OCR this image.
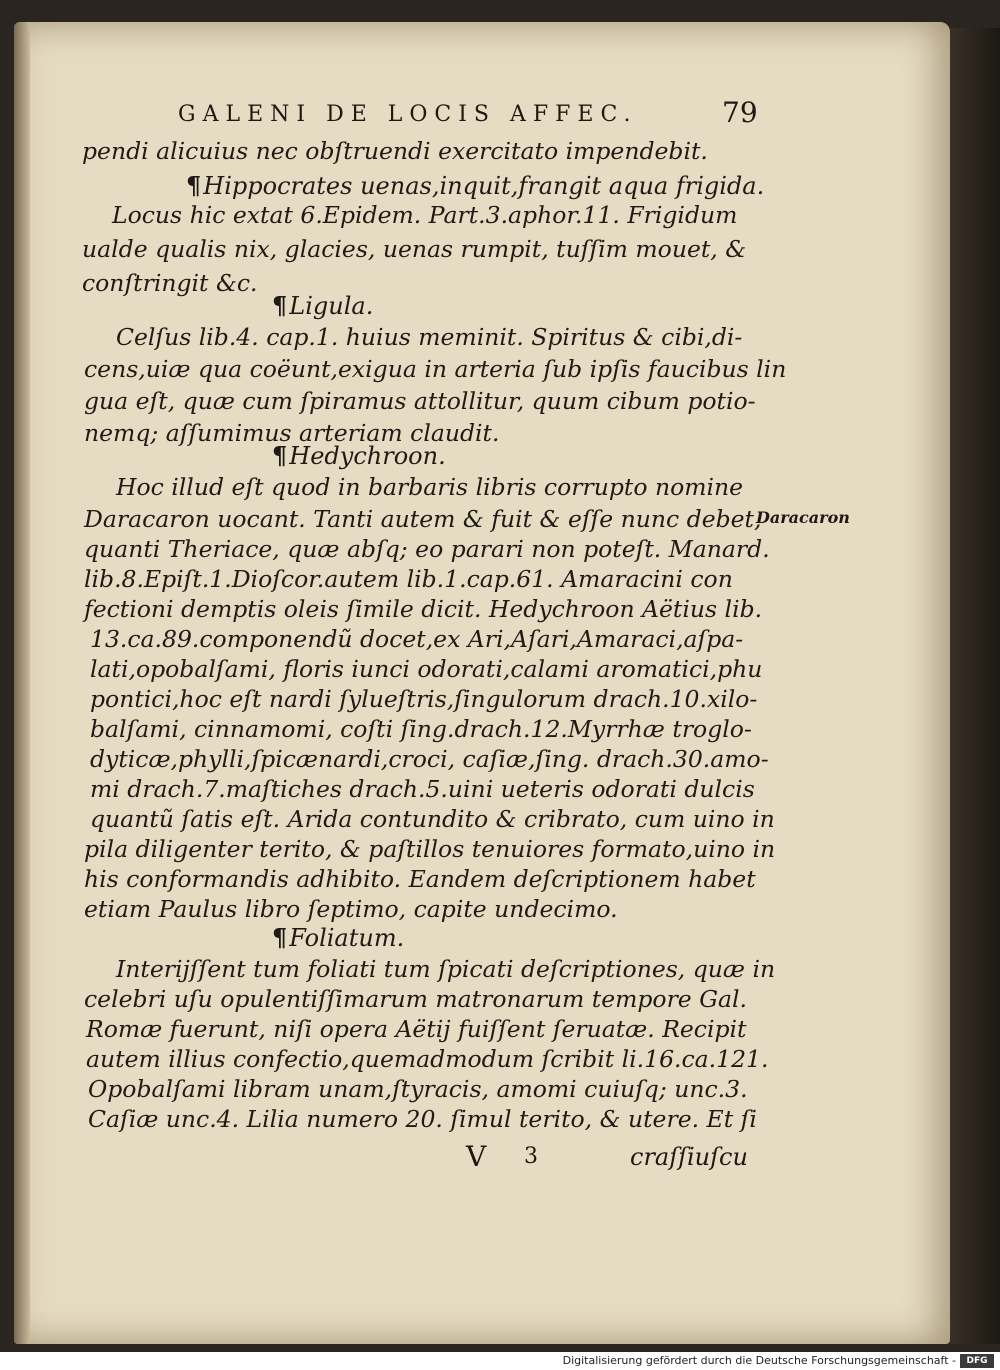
GALENI DE LOCIS AFFEC.	79
pendi alicuius nec obſtruendi exercitato impendebit.
¶Hippocrates uenas,inquit,frangit aqua frigida.
Locus hic extat 6.Epidem. Part.3.aphor.11. Frigidum
ualde qualis nix, glacies, uenas rumpit, tuſſim mouet, &
conſtringit &c.
¶Ligula.
Celſus lib.4. cap.1. huius meminit. Spiritus & cibi,di-
cens,uiæ qua coëunt,exigua in arteria ſub ipſis faucibus lin
gua eſt, quæ cum ſpiramus attollitur, quum cibum potio-
nemq; aſſumimus arteriam claudit.
¶Hedychroon.
Hoc illud eſt quod in barbaris libris corrupto nomine
Daracaron uocant. Tanti autem & fuit & eſſe nunc debet,
quanti Theriace, quæ abſq; eo parari non poteſt. Manard.
lib.8.Epiſt.1.Dioſcor.autem lib.1.cap.61. Amaracini con
fectioni demptis oleis ſimile dicit. Hedychroon Aëtius lib.
13.ca.89.componendũ docet,ex Ari,Aſari,Amaraci,aſpa-
lati,opobalſami, floris iunci odorati,calami aromatici,phu
pontici,hoc eſt nardi ſylueſtris,ſingulorum drach.10.xilo-
balſami, cinnamomi, coſti ſing.drach.12.Myrrhæ troglo-
dyticæ,phylli,ſpicænardi,croci, caſiæ,ſing. drach.30.amo-
mi drach.7.maſtiches drach.5.uini ueteris odorati dulcis
quantũ ſatis eſt. Arida contundito & cribrato, cum uino in
pila diligenter terito, & paſtillos tenuiores formato,uino in
his conformandis adhibito. Eandem deſcriptionem habet
etiam Paulus libro ſeptimo, capite undecimo.
¶Foliatum.
Interijſſent tum foliati tum ſpicati deſcriptiones, quæ in
celebri uſu opulentiſſimarum matronarum tempore Gal.
Romæ fuerunt, niſi opera Aëtij fuiſſent ſeruatæ. Recipit
autem illius confectio,quemadmodum ſcribit li.16.ca.121.
Opobalſami libram unam,ſtyracis, amomi cuiuſq; unc.3.
Caſiæ unc.4. Lilia numero 20. ſimul terito, & utere. Et ſi
Daracaron
V 3	craſſiuſcu
Digitalisierung gefördert durch die Deutsche Forschungsgemeinschaft -	DFG
